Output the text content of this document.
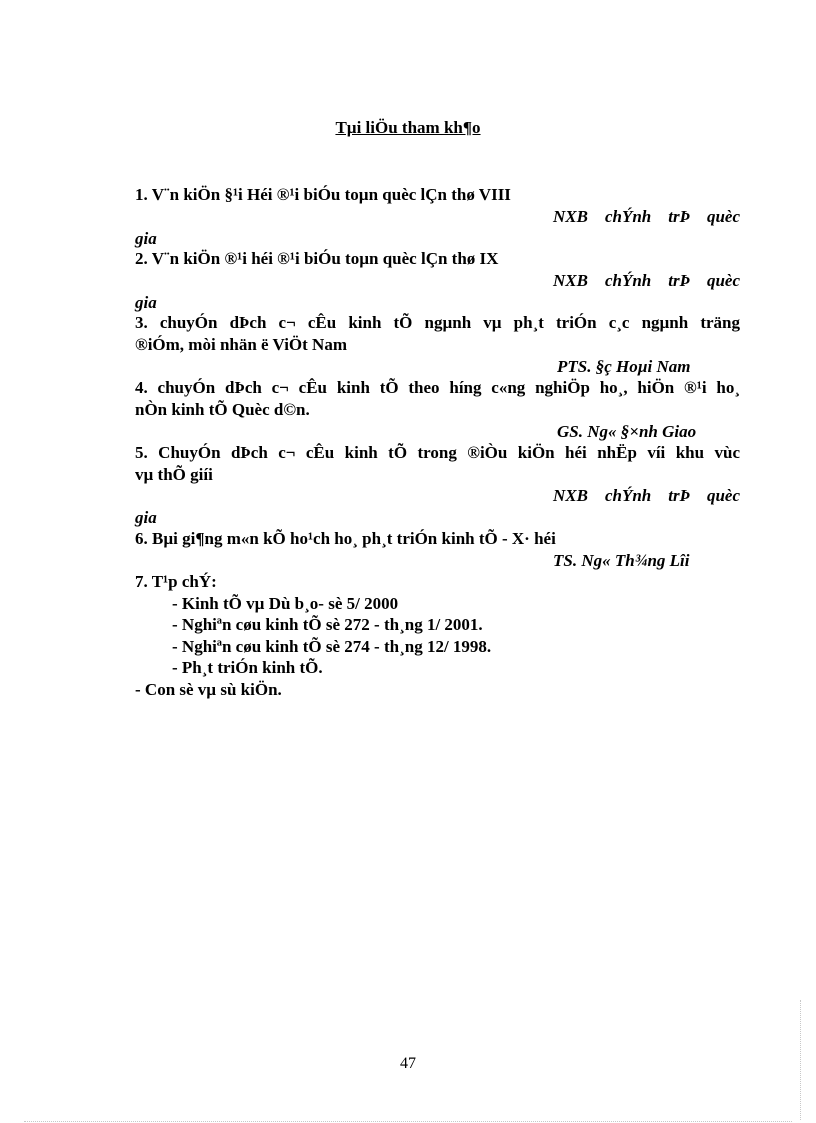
Tµi liÖu tham kh¶o
1. V¨n kiÖn §¹i Héi ®¹i biÓu toµn quèc lÇn thø VIII
NXB chÝnh trÞ quèc
gia
2. V¨n kiÖn ®¹i héi ®¹i biÓu toµn quèc lÇn thø IX
NXB chÝnh trÞ quèc
gia
3. chuyÓn dÞch c¬ cÊu kinh tÕ ngµnh vµ ph¸t triÓn c¸c ngµnh träng
®iÓm, mòi nhän ë ViÖt Nam
PTS. §ç Hoµi Nam
4. chuyÓn dÞch c¬ cÊu kinh tÕ theo híng c«ng nghiÖp ho¸, hiÖn ®¹i ho¸
nÒn kinh tÕ Quèc d©n.
GS. Ng« §×nh Giao
5. ChuyÓn dÞch c¬ cÊu kinh tÕ trong ®iÒu kiÖn héi nhËp víi khu vùc
vµ thÕ giíi
NXB chÝnh trÞ quèc
gia
6. Bµi gi¶ng m«n kÕ ho¹ch ho¸ ph¸t triÓn kinh tÕ - X· héi
TS. Ng« Th¾ng Lîi
7. T¹p chÝ:
- Kinh tÕ vµ Dù b¸o- sè 5/ 2000
- Nghiªn cøu kinh tÕ sè 272 - th¸ng 1/ 2001.
- Nghiªn cøu kinh tÕ sè 274 - th¸ng 12/ 1998.
- Ph¸t triÓn kinh tÕ.
- Con sè vµ sù kiÖn.
47
